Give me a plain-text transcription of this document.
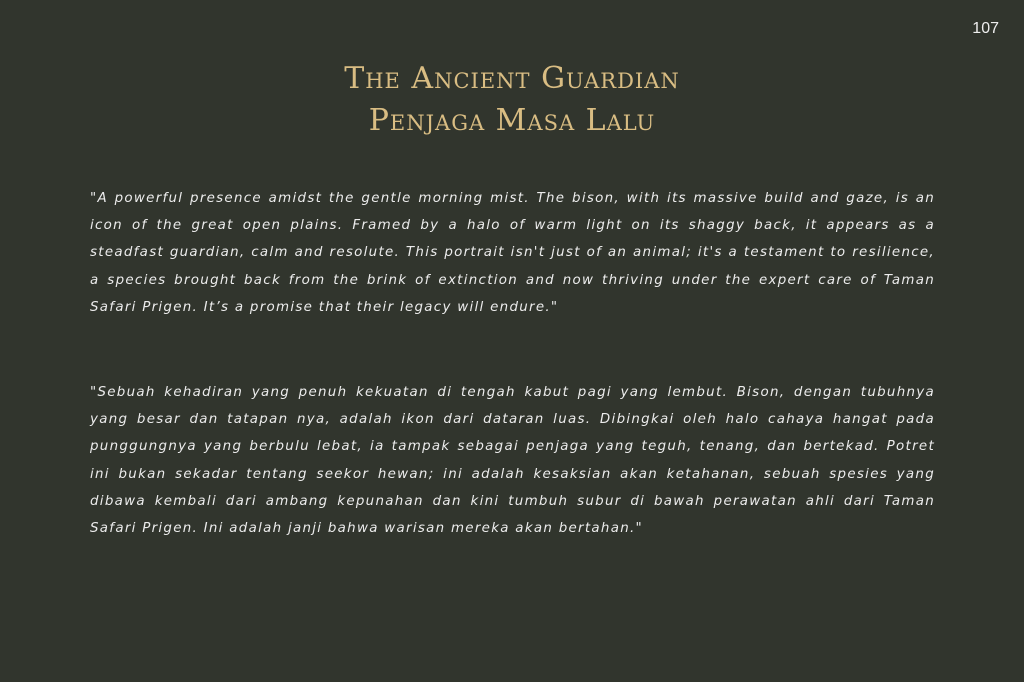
107
The Ancient Guardian
Penjaga Masa Lalu

"A powerful presence amidst the gentle morning mist. The bison, with its massive build and gaze, is an icon of the great open plains. Framed by a halo of warm light on its shaggy back, it appears as a steadfast guardian, calm and resolute. This portrait isn't just of an animal; it's a testament to resilience, a species brought back from the brink of extinction and now thriving under the expert care of Taman Safari Prigen. It’s a promise that their legacy will endure."

"Sebuah kehadiran yang penuh kekuatan di tengah kabut pagi yang lembut. Bison, dengan tubuhnya yang besar dan tatapan nya, adalah ikon dari dataran luas. Dibingkai oleh halo cahaya hangat pada punggungnya yang berbulu lebat, ia tampak sebagai penjaga yang teguh, tenang, dan bertekad. Potret ini bukan sekadar tentang seekor hewan; ini adalah kesaksian akan ketahanan, sebuah spesies yang dibawa kembali dari ambang kepunahan dan kini tumbuh subur di bawah perawatan ahli dari Taman Safari Prigen. Ini adalah janji bahwa warisan mereka akan bertahan."
